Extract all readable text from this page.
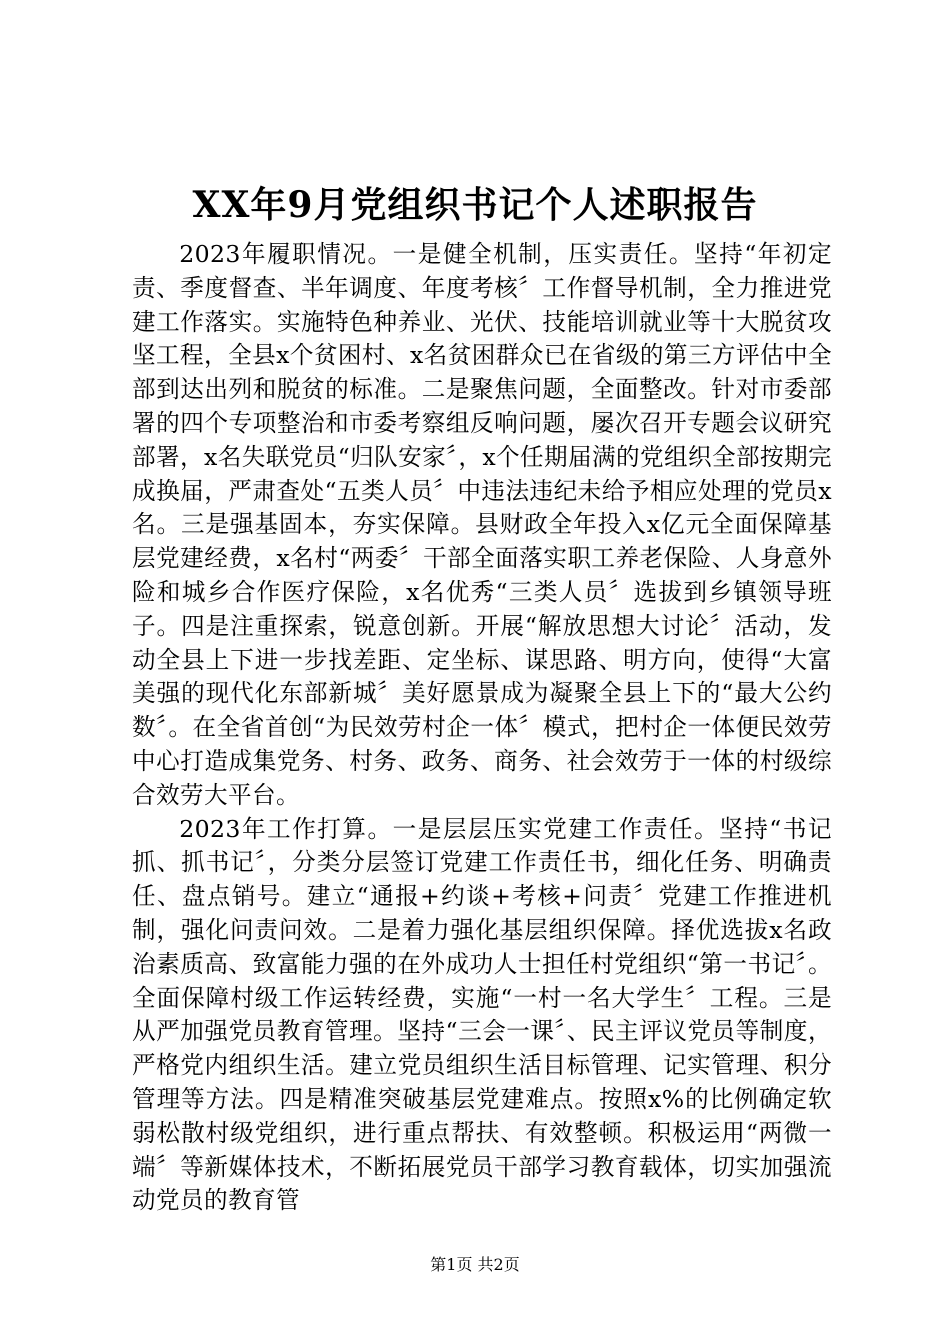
XX年9月党组织书记个人述职报告

2023年履职情况。一是健全机制，压实责任。坚持“年初定责、季度督查、半年调度、年度考核〞工作督导机制，全力推进党建工作落实。实施特色种养业、光伏、技能培训就业等十大脱贫攻坚工程，全县x个贫困村、x名贫困群众已在省级的第三方评估中全部到达出列和脱贫的标准。二是聚焦问题，全面整改。针对市委部署的四个专项整治和市委考察组反响问题，屡次召开专题会议研究部署，x名失联党员“归队安家〞，x个任期届满的党组织全部按期完成换届，严肃查处“五类人员〞中违法违纪未给予相应处理的党员x名。三是强基固本，夯实保障。县财政全年投入x亿元全面保障基层党建经费，x名村“两委〞干部全面落实职工养老保险、人身意外险和城乡合作医疗保险，x名优秀“三类人员〞选拔到乡镇领导班子。四是注重探索，锐意创新。开展“解放思想大讨论〞活动，发动全县上下进一步找差距、定坐标、谋思路、明方向，使得“大富美强的现代化东部新城〞美好愿景成为凝聚全县上下的“最大公约数〞。在全省首创“为民效劳村企一体〞模式，把村企一体便民效劳中心打造成集党务、村务、政务、商务、社会效劳于一体的村级综合效劳大平台。

2023年工作打算。一是层层压实党建工作责任。坚持“书记抓、抓书记〞，分类分层签订党建工作责任书，细化任务、明确责任、盘点销号。建立“通报+约谈+考核+问责〞党建工作推进机制，强化问责问效。二是着力强化基层组织保障。择优选拔x名政治素质高、致富能力强的在外成功人士担任村党组织“第一书记〞。全面保障村级工作运转经费，实施“一村一名大学生〞工程。三是从严加强党员教育管理。坚持“三会一课〞、民主评议党员等制度，严格党内组织生活。建立党员组织生活目标管理、记实管理、积分管理等方法。四是精准突破基层党建难点。按照x%的比例确定软弱松散村级党组织，进行重点帮扶、有效整顿。积极运用“两微一端〞等新媒体技术，不断拓展党员干部学习教育载体，切实加强流动党员的教育管

第1页 共2页
